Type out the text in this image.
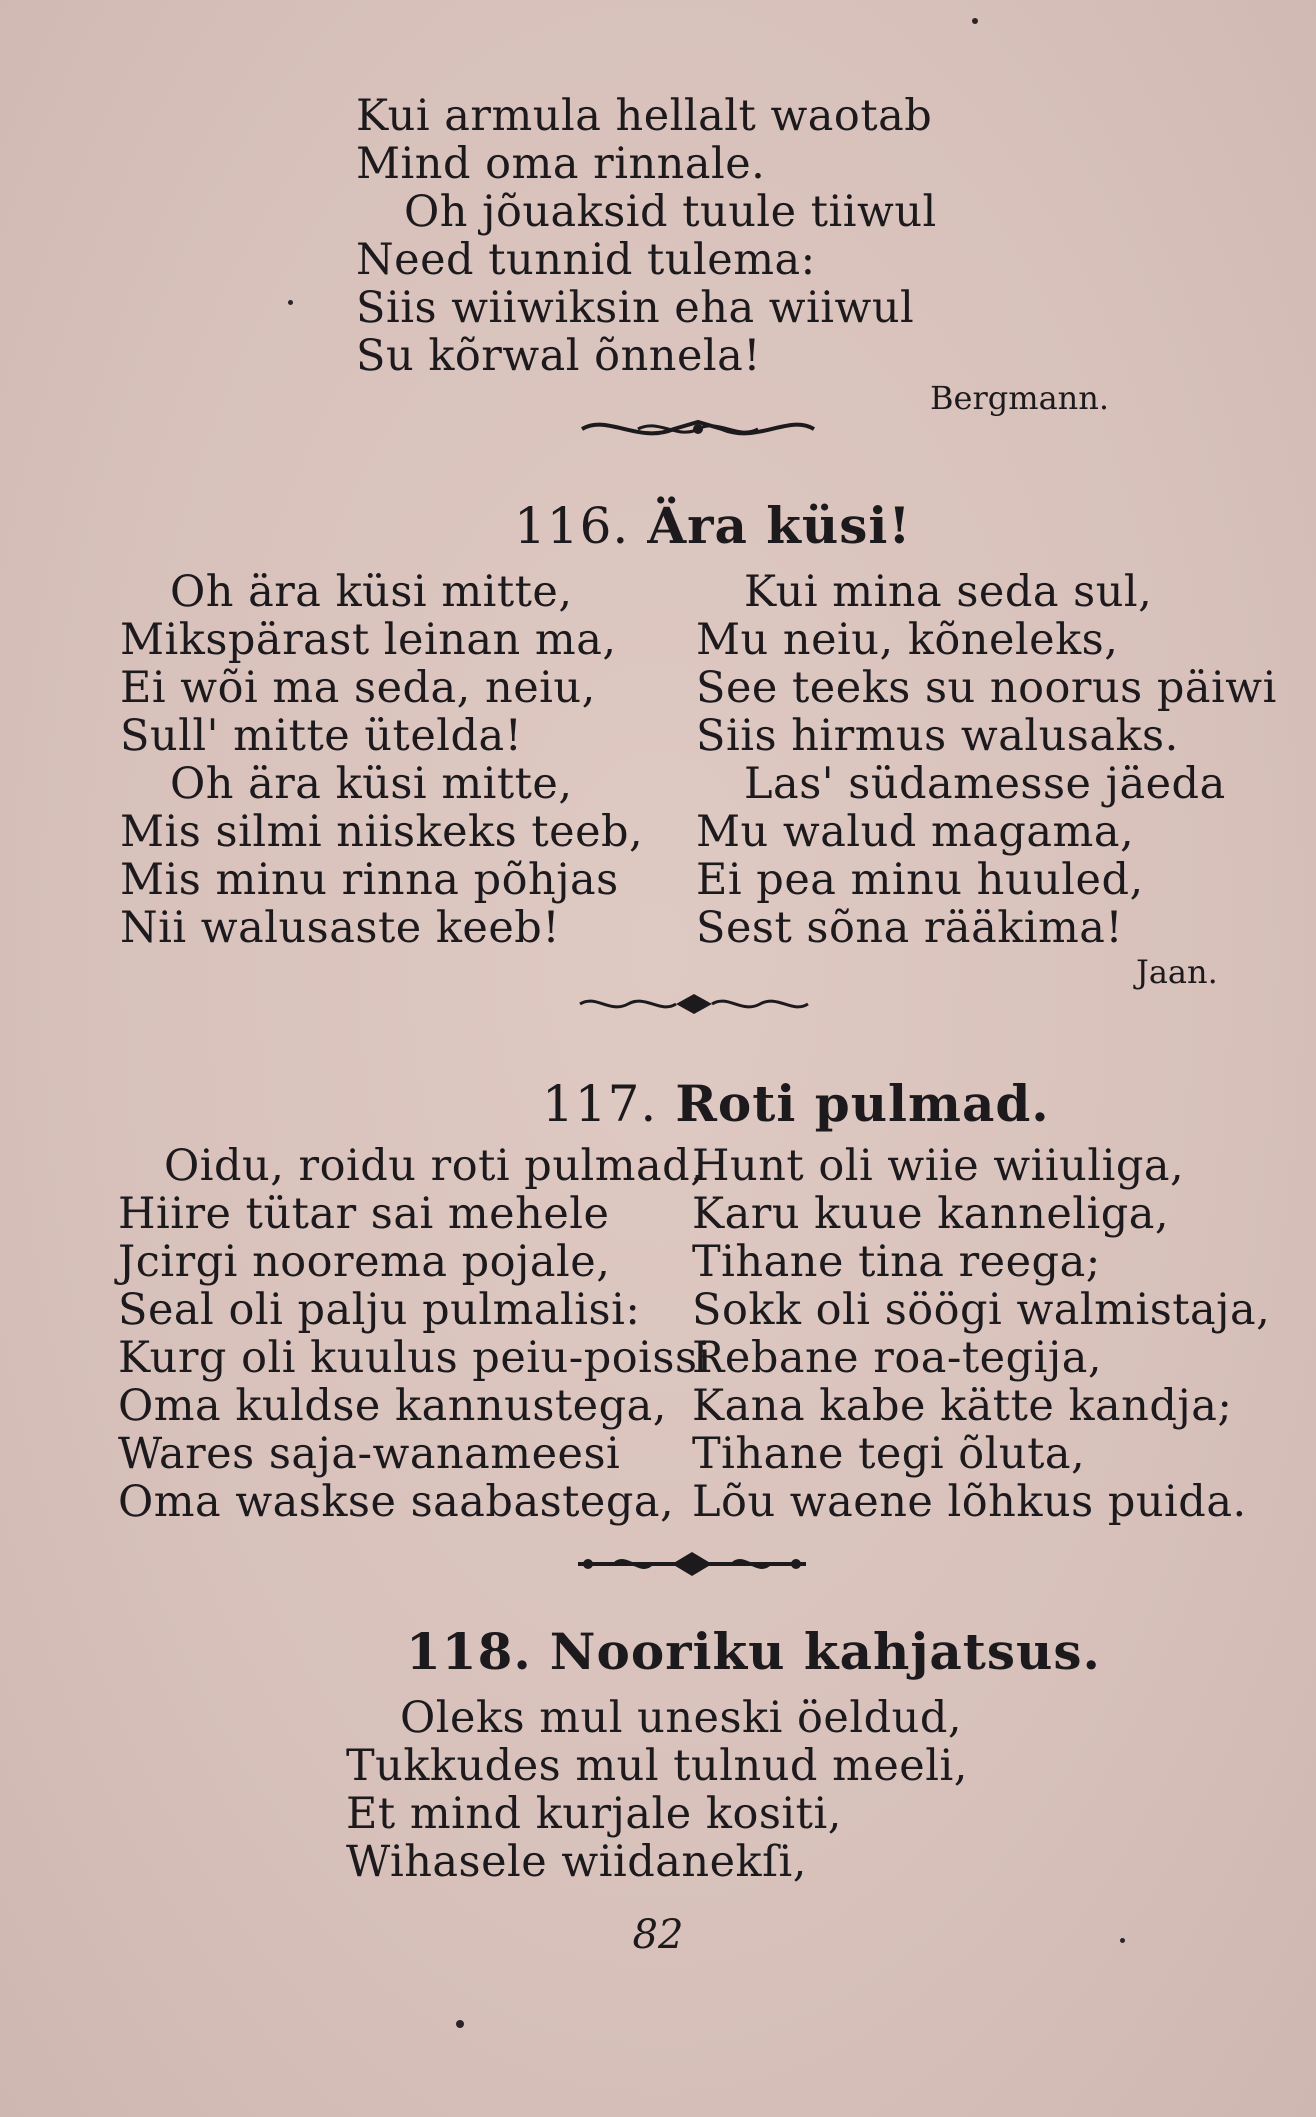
Kui armula hellalt waotab
Mind oma rinnale.
Oh jõuaksid tuule tiiwul
Need tunnid tulema:
Siis wiiwiksin eha wiiwul
Su kõrwal õnnela!
Bergmann.
116. Ära küsi!
Oh ära küsi mitte,
Mikspärast leinan ma,
Ei wõi ma seda, neiu,
Sull' mitte ütelda!
Oh ära küsi mitte,
Mis silmi niiskeks teeb,
Mis minu rinna põhjas
Nii walusaste keeb!
Kui mina seda sul,
Mu neiu, kõneleks,
See teeks su noorus päiwi
Siis hirmus walusaks.
Las' südamesse jäeda
Mu walud magama,
Ei pea minu huuled,
Sest sõna rääkima!
Jaan.
117. Roti pulmad.
Oidu, roidu roti pulmad,
Hiire tütar sai mehele
Jcirgi noorema pojale,
Seal oli palju pulmalisi:
Kurg oli kuulus peiu-poissi
Oma kuldse kannustega,
Wares saja-wanameesi
Oma waskse saabastega,
Hunt oli wiie wiiuliga,
Karu kuue kanneliga,
Tihane tina reega;
Sokk oli söögi walmistaja,
Rebane roa-tegija,
Kana kabe kätte kandja;
Tihane tegi õluta,
Lõu waene lõhkus puida.
118. Nooriku kahjatsus.
Oleks mul uneski öeldud,
Tukkudes mul tulnud meeli,
Et mind kurjale kositi,
Wihasele wiidanekſi,
82
